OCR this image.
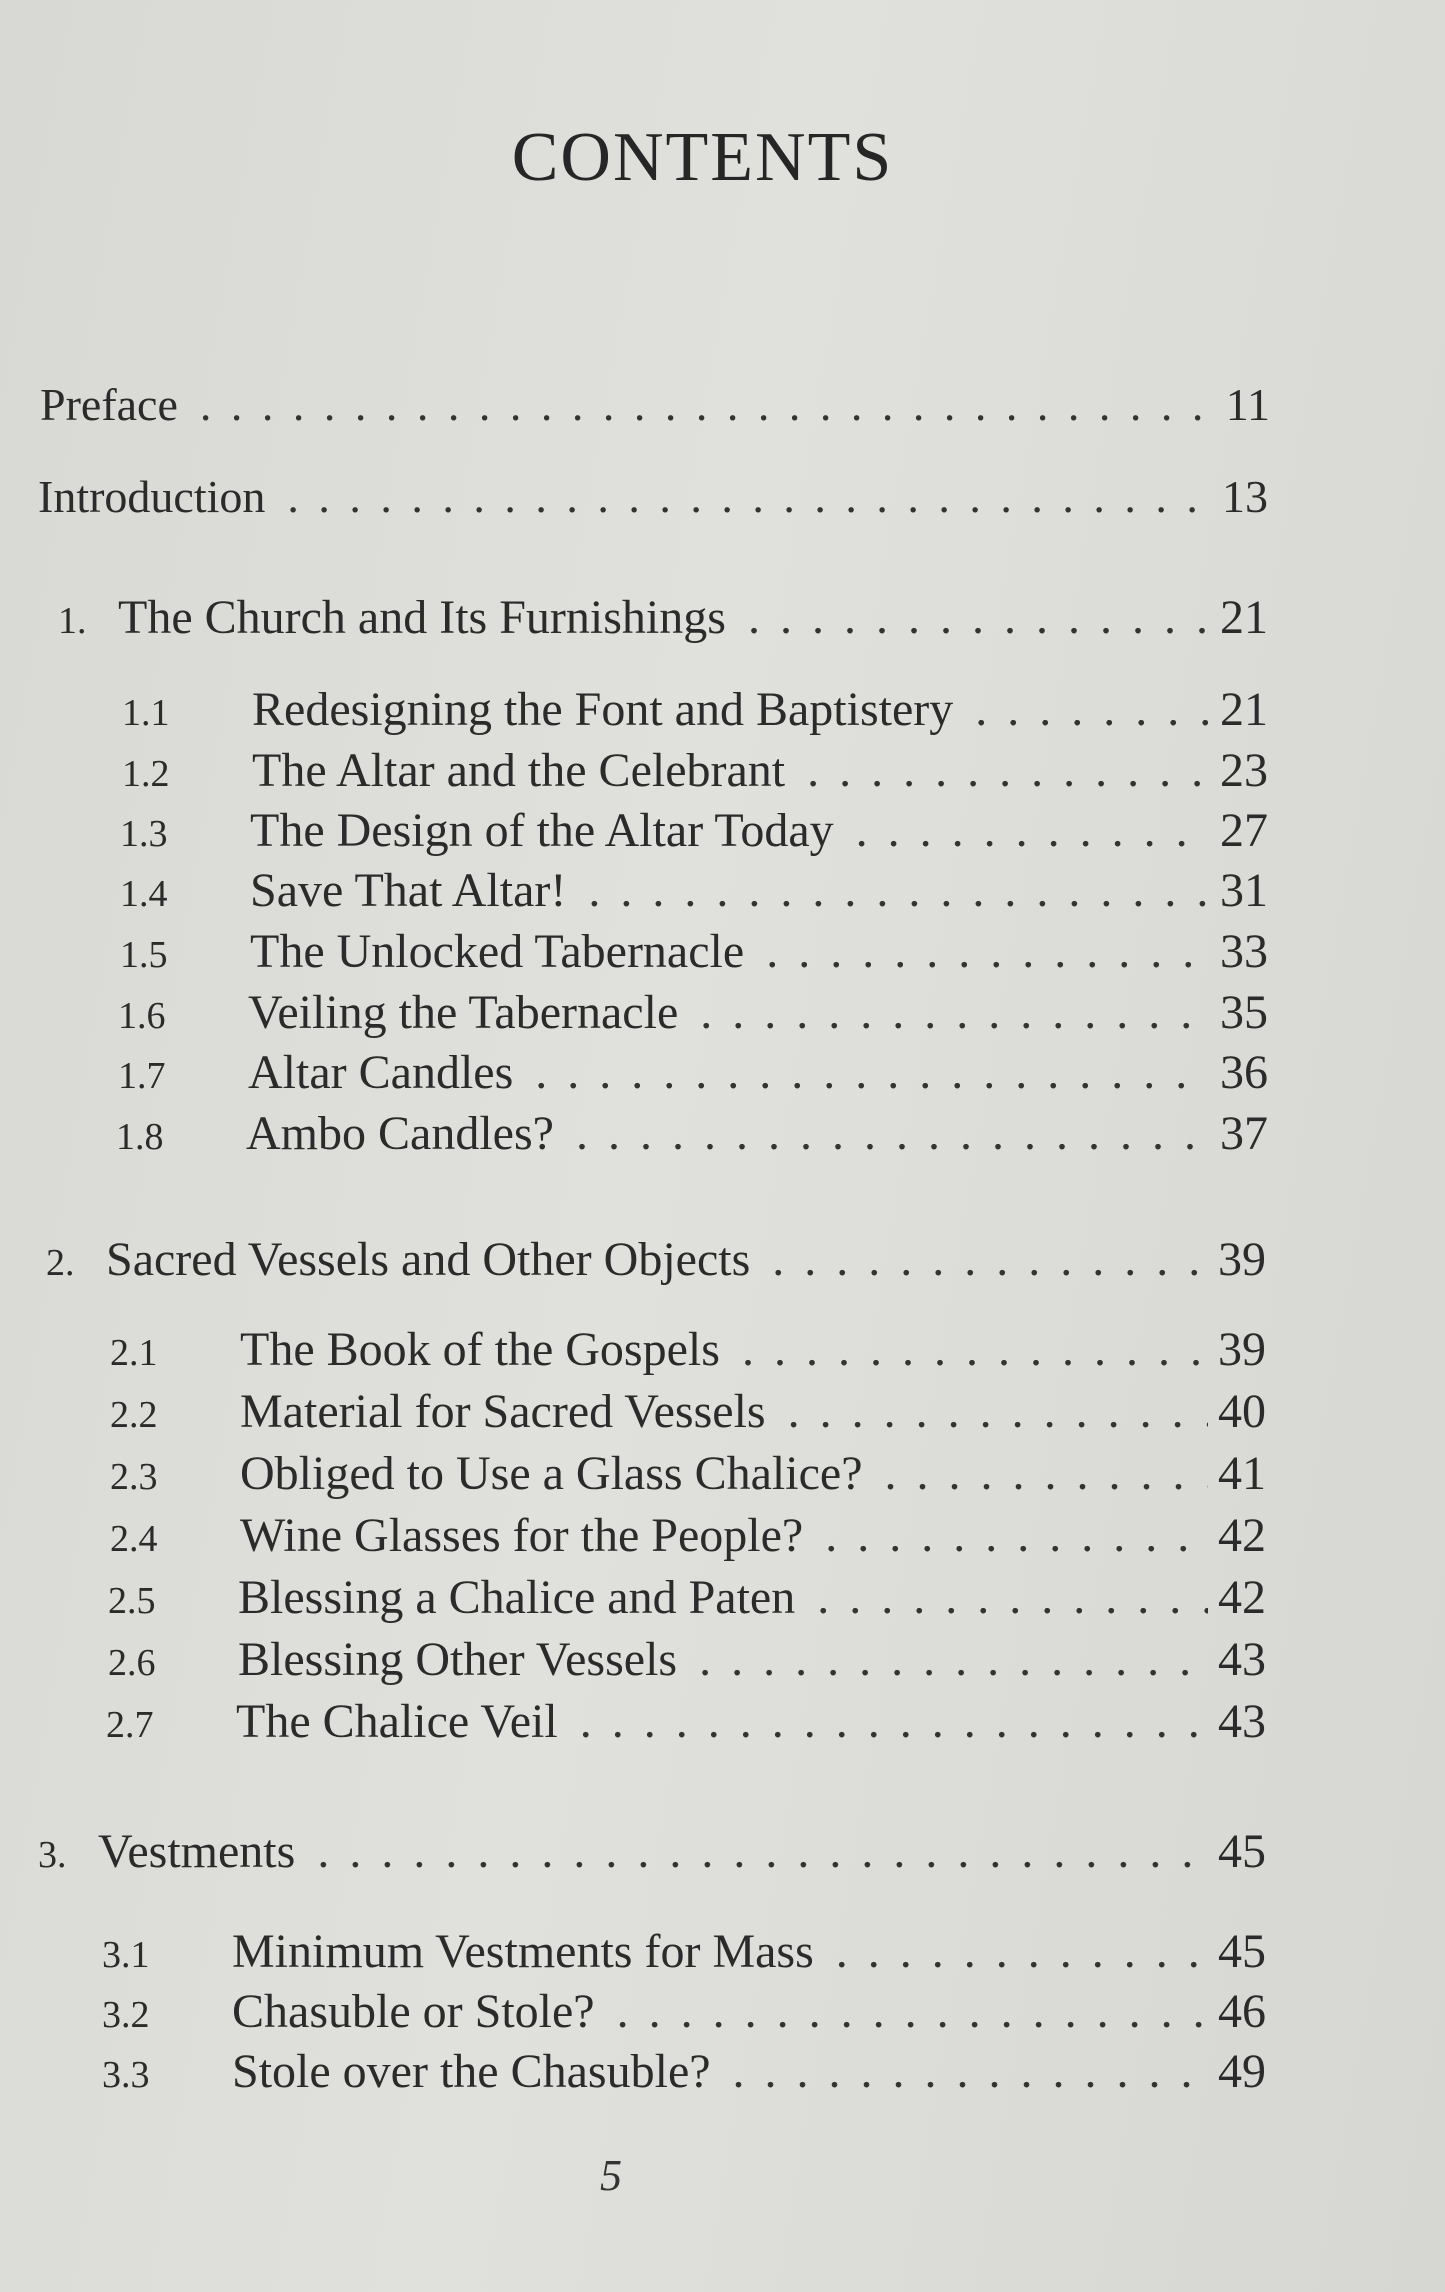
CONTENTS
Preface . . .	11
Introduction . . .	13
1. The Church and Its Furnishings . . .	21
1.1	Redesigning the Font and Baptistery . . .	21
1.2	The Altar and the Celebrant . . .	23
1.3	The Design of the Altar Today . . .	27
1.4	Save That Altar! . . .	31
1.5	The Unlocked Tabernacle . . .	33
1.6	Veiling the Tabernacle . . .	35
1.7	Altar Candles . . .	36
1.8	Ambo Candles? . . .	37
2. Sacred Vessels and Other Objects . . .	39
2.1	The Book of the Gospels . . .	39
2.2	Material for Sacred Vessels . . .	40
2.3	Obliged to Use a Glass Chalice? . . .	41
2.4	Wine Glasses for the People? . . .	42
2.5	Blessing a Chalice and Paten . . .	42
2.6	Blessing Other Vessels . . .	43
2.7	The Chalice Veil . . .	43
3. Vestments . . .	45
3.1	Minimum Vestments for Mass . . .	45
3.2	Chasuble or Stole? . . .	46
3.3	Stole over the Chasuble? . . .	49
5
